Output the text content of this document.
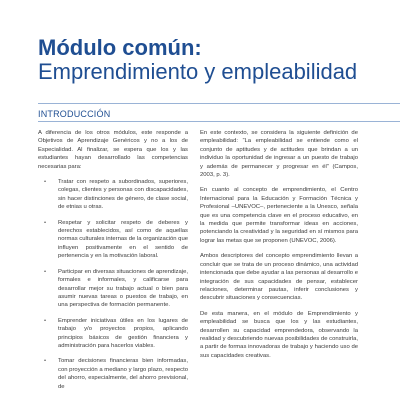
Módulo común:
Emprendimiento y empleabilidad
INTRODUCCIÓN

A diferencia de los otros módulos, este responde a Objetivos de Aprendizaje Genéricos y no a los de Especialidad. Al finalizar, se espera que los y las estudiantes hayan desarrollado las competencias necesarias para:

• Tratar con respeto a subordinados, superiores, colegas, clientes y personas con discapacidades, sin hacer distinciones de género, de clase social, de etnias u otras.
• Respetar y solicitar respeto de deberes y derechos establecidos, así como de aquellas normas culturales internas de la organización que influyen positivamente en el sentido de pertenencia y en la motivación laboral.
• Participar en diversas situaciones de aprendizaje, formales e informales, y calificarse para desarrollar mejor su trabajo actual o bien para asumir nuevas tareas o puestos de trabajo, en una perspectiva de formación permanente.
• Emprender iniciativas útiles en los lugares de trabajo y/o proyectos propios, aplicando principios básicos de gestión financiera y administración para hacerlos viables.
• Tomar decisiones financieras bien informadas, con proyección a mediano y largo plazo, respecto del ahorro, especialmente, del ahorro previsional, de

En este contexto, se considera la siguiente definición de empleabilidad: “La empleabilidad se entiende como el conjunto de aptitudes y de actitudes que brindan a un individuo la oportunidad de ingresar a un puesto de trabajo y además de permanecer y progresar en él” (Campos, 2003, p. 3).

En cuanto al concepto de emprendimiento, el Centro Internacional para la Educación y Formación Técnica y Profesional –UNEVOC–, perteneciente a la Unesco, señala que es una competencia clave en el proceso educativo, en la medida que permite transformar ideas en acciones, potenciando la creatividad y la seguridad en sí mismos para lograr las metas que se proponen (UNEVOC, 2006).

Ambos descriptores del concepto emprendimiento llevan a concluir que se trata de un proceso dinámico, una actividad intencionada que debe ayudar a las personas al desarrollo e integración de sus capacidades de pensar, establecer relaciones, determinar pautas, inferir conclusiones y descubrir situaciones y consecuencias.

De esta manera, en el módulo de Emprendimiento y empleabilidad se busca que los y las estudiantes, desarrollen su capacidad emprendedora, observando la realidad y descubriendo nuevas posibilidades de construirla, a partir de formas innovadoras de trabajo y haciendo uso de sus capacidades creativas.
